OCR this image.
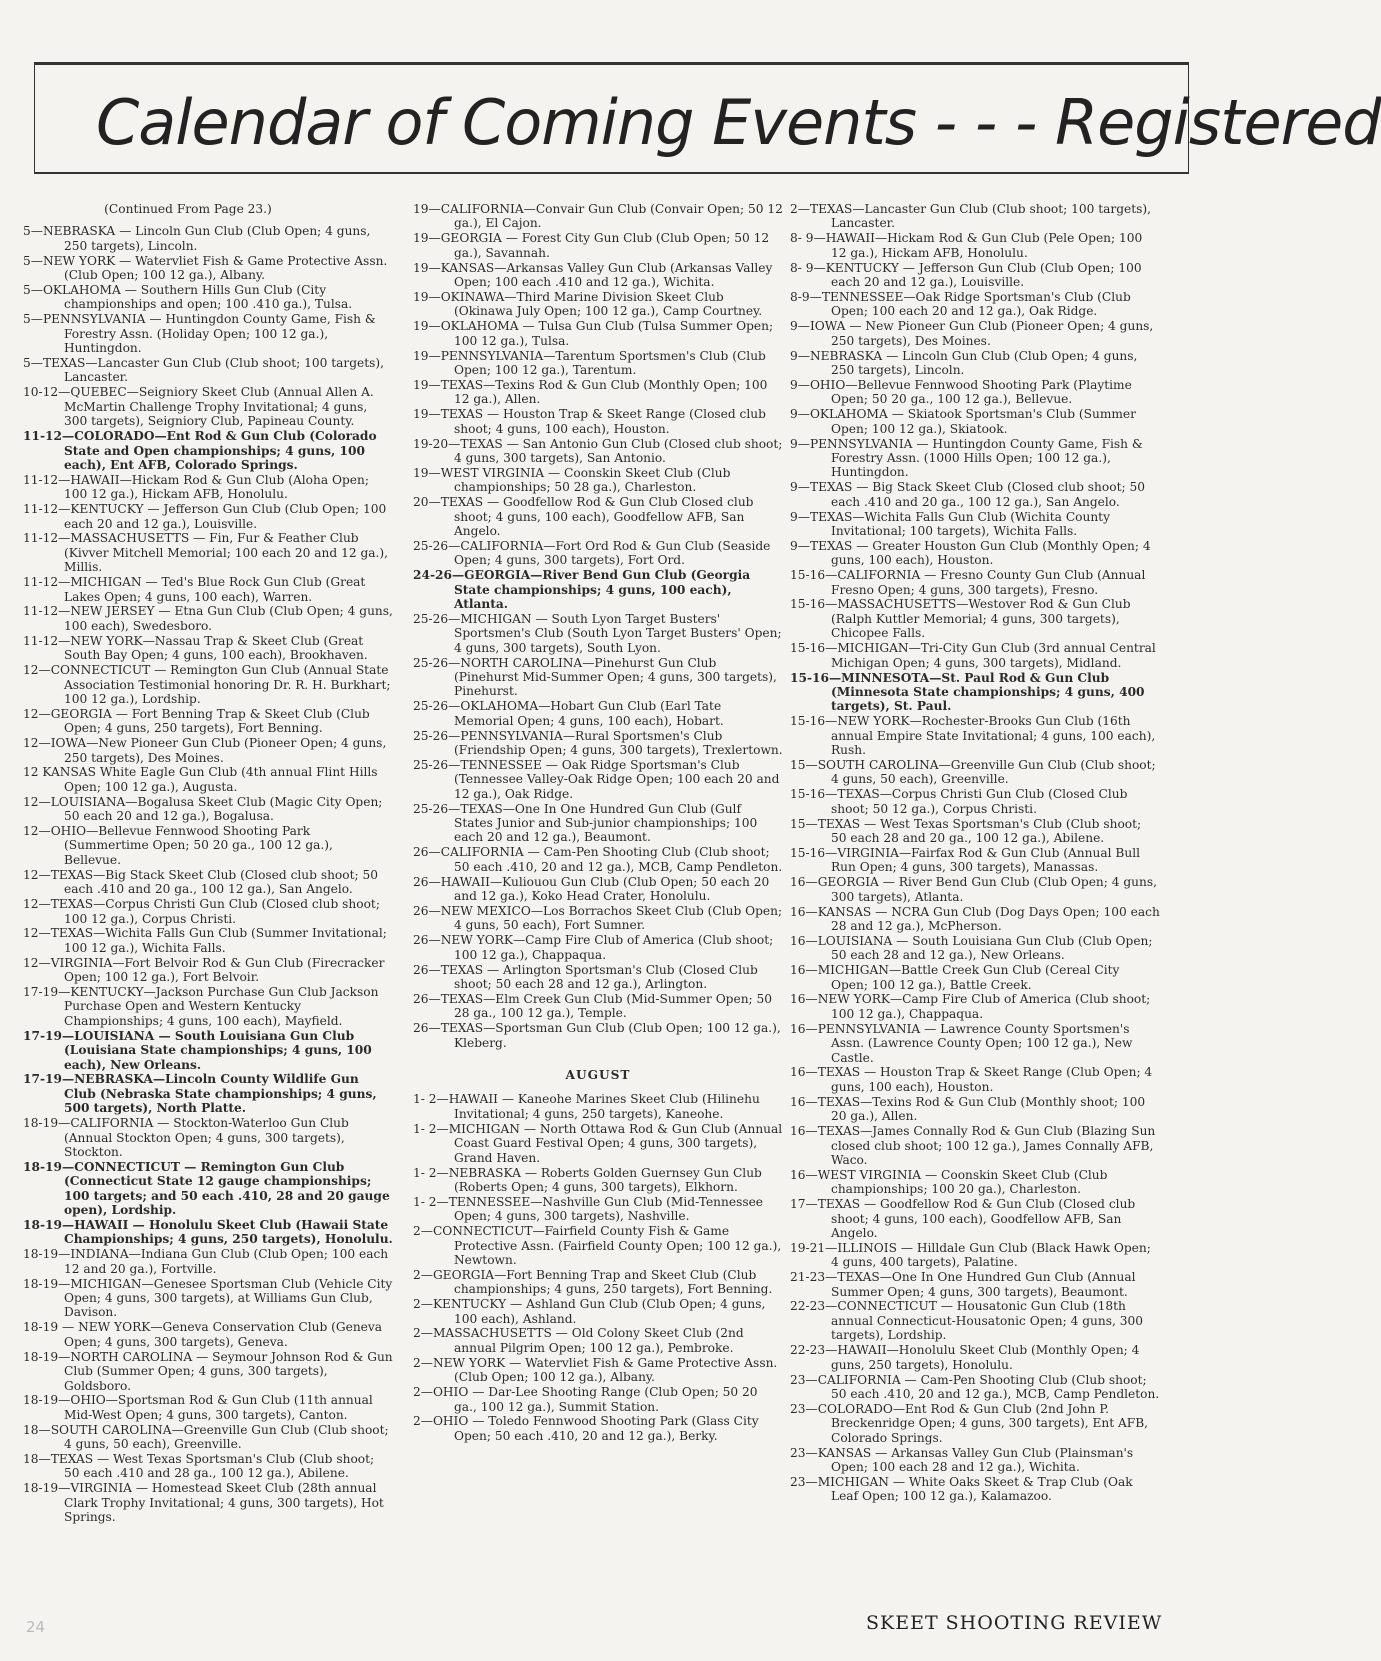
Calendar of Coming Events - - - Registered

(Continued From Page 23.)

5—NEBRASKA — Lincoln Gun Club (Club Open; 4 guns, 250 targets), Lincoln.

5—NEW YORK — Watervliet Fish & Game Protective Assn. (Club Open; 100 12 ga.), Albany.

5—OKLAHOMA — Southern Hills Gun Club (City championships and open; 100 .410 ga.), Tulsa.

5—PENNSYLVANIA — Huntingdon County Game, Fish & Forestry Assn. (Holiday Open; 100 12 ga.), Huntingdon.

5—TEXAS—Lancaster Gun Club (Club shoot; 100 targets), Lancaster.

10-12—QUEBEC—Seigniory Skeet Club (Annual Allen A. McMartin Challenge Trophy Invitational; 4 guns, 300 targets), Seigniory Club, Papineau County.

11-12—COLORADO—Ent Rod & Gun Club (Colorado State and Open championships; 4 guns, 100 each), Ent AFB, Colorado Springs.

11-12—HAWAII—Hickam Rod & Gun Club (Aloha Open; 100 12 ga.), Hickam AFB, Honolulu.

11-12—KENTUCKY — Jefferson Gun Club (Club Open; 100 each 20 and 12 ga.), Louisville.

11-12—MASSACHUSETTS — Fin, Fur & Feather Club (Kivver Mitchell Memorial; 100 each 20 and 12 ga.), Millis.

11-12—MICHIGAN — Ted's Blue Rock Gun Club (Great Lakes Open; 4 guns, 100 each), Warren.

11-12—NEW JERSEY — Etna Gun Club (Club Open; 4 guns, 100 each), Swedesboro.

11-12—NEW YORK—Nassau Trap & Skeet Club (Great South Bay Open; 4 guns, 100 each), Brookhaven.

12—CONNECTICUT — Remington Gun Club (Annual State Association Testimonial honoring Dr. R. H. Burkhart; 100 12 ga.), Lordship.

12—GEORGIA — Fort Benning Trap & Skeet Club (Club Open; 4 guns, 250 targets), Fort Benning.

12—IOWA—New Pioneer Gun Club (Pioneer Open; 4 guns, 250 targets), Des Moines.

12 KANSAS White Eagle Gun Club (4th annual Flint Hills Open; 100 12 ga.), Augusta.

12—LOUISIANA—Bogalusa Skeet Club (Magic City Open; 50 each 20 and 12 ga.), Bogalusa.

12—OHIO—Bellevue Fennwood Shooting Park (Summertime Open; 50 20 ga., 100 12 ga.), Bellevue.

12—TEXAS—Big Stack Skeet Club (Closed club shoot; 50 each .410 and 20 ga., 100 12 ga.), San Angelo.

12—TEXAS—Corpus Christi Gun Club (Closed club shoot; 100 12 ga.), Corpus Christi.

12—TEXAS—Wichita Falls Gun Club (Summer Invitational; 100 12 ga.), Wichita Falls.

12—VIRGINIA—Fort Belvoir Rod & Gun Club (Firecracker Open; 100 12 ga.), Fort Belvoir.

17-19—KENTUCKY—Jackson Purchase Gun Club Jackson Purchase Open and Western Kentucky Championships; 4 guns, 100 each), Mayfield.

17-19—LOUISIANA — South Louisiana Gun Club (Louisiana State championships; 4 guns, 100 each), New Orleans.

17-19—NEBRASKA—Lincoln County Wildlife Gun Club (Nebraska State championships; 4 guns, 500 targets), North Platte.

18-19—CALIFORNIA — Stockton-Waterloo Gun Club (Annual Stockton Open; 4 guns, 300 targets), Stockton.

18-19—CONNECTICUT — Remington Gun Club (Connecticut State 12 gauge championships; 100 targets; and 50 each .410, 28 and 20 gauge open), Lordship.

18-19—HAWAII — Honolulu Skeet Club (Hawaii State Championships; 4 guns, 250 targets), Honolulu.

18-19—INDIANA—Indiana Gun Club (Club Open; 100 each 12 and 20 ga.), Fortville.

18-19—MICHIGAN—Genesee Sportsman Club (Vehicle City Open; 4 guns, 300 targets), at Williams Gun Club, Davison.

18-19 — NEW YORK—Geneva Conservation Club (Geneva Open; 4 guns, 300 targets), Geneva.

18-19—NORTH CAROLINA — Seymour Johnson Rod & Gun Club (Summer Open; 4 guns, 300 targets), Goldsboro.

18-19—OHIO—Sportsman Rod & Gun Club (11th annual Mid-West Open; 4 guns, 300 targets), Canton.

18—SOUTH CAROLINA—Greenville Gun Club (Club shoot; 4 guns, 50 each), Greenville.

18—TEXAS — West Texas Sportsman's Club (Club shoot; 50 each .410 and 28 ga., 100 12 ga.), Abilene.

18-19—VIRGINIA — Homestead Skeet Club (28th annual Clark Trophy Invitational; 4 guns, 300 targets), Hot Springs.

19—CALIFORNIA—Convair Gun Club (Convair Open; 50 12 ga.), El Cajon.

19—GEORGIA — Forest City Gun Club (Club Open; 50 12 ga.), Savannah.

19—KANSAS—Arkansas Valley Gun Club (Arkansas Valley Open; 100 each .410 and 12 ga.), Wichita.

19—OKINAWA—Third Marine Division Skeet Club (Okinawa July Open; 100 12 ga.), Camp Courtney.

19—OKLAHOMA — Tulsa Gun Club (Tulsa Summer Open; 100 12 ga.), Tulsa.

19—PENNSYLVANIA—Tarentum Sportsmen's Club (Club Open; 100 12 ga.), Tarentum.

19—TEXAS—Texins Rod & Gun Club (Monthly Open; 100 12 ga.), Allen.

19—TEXAS — Houston Trap & Skeet Range (Closed club shoot; 4 guns, 100 each), Houston.

19-20—TEXAS — San Antonio Gun Club (Closed club shoot; 4 guns, 300 targets), San Antonio.

19—WEST VIRGINIA — Coonskin Skeet Club (Club championships; 50 28 ga.), Charleston.

20—TEXAS — Goodfellow Rod & Gun Club Closed club shoot; 4 guns, 100 each), Goodfellow AFB, San Angelo.

25-26—CALIFORNIA—Fort Ord Rod & Gun Club (Seaside Open; 4 guns, 300 targets), Fort Ord.

24-26—GEORGIA—River Bend Gun Club (Georgia State championships; 4 guns, 100 each), Atlanta.

25-26—MICHIGAN — South Lyon Target Busters' Sportsmen's Club (South Lyon Target Busters' Open; 4 guns, 300 targets), South Lyon.

25-26—NORTH CAROLINA—Pinehurst Gun Club (Pinehurst Mid-Summer Open; 4 guns, 300 targets), Pinehurst.

25-26—OKLAHOMA—Hobart Gun Club (Earl Tate Memorial Open; 4 guns, 100 each), Hobart.

25-26—PENNSYLVANIA—Rural Sportsmen's Club (Friendship Open; 4 guns, 300 targets), Trexlertown.

25-26—TENNESSEE — Oak Ridge Sportsman's Club (Tennessee Valley-Oak Ridge Open; 100 each 20 and 12 ga.), Oak Ridge.

25-26—TEXAS—One In One Hundred Gun Club (Gulf States Junior and Sub-junior championships; 100 each 20 and 12 ga.), Beaumont.

26—CALIFORNIA — Cam-Pen Shooting Club (Club shoot; 50 each .410, 20 and 12 ga.), MCB, Camp Pendleton.

26—HAWAII—Kuliouou Gun Club (Club Open; 50 each 20 and 12 ga.), Koko Head Crater, Honolulu.

26—NEW MEXICO—Los Borrachos Skeet Club (Club Open; 4 guns, 50 each), Fort Sumner.

26—NEW YORK—Camp Fire Club of America (Club shoot; 100 12 ga.), Chappaqua.

26—TEXAS — Arlington Sportsman's Club (Closed Club shoot; 50 each 28 and 12 ga.), Arlington.

26—TEXAS—Elm Creek Gun Club (Mid-Summer Open; 50 28 ga., 100 12 ga.), Temple.

26—TEXAS—Sportsman Gun Club (Club Open; 100 12 ga.), Kleberg.

AUGUST

1- 2—HAWAII — Kaneohe Marines Skeet Club (Hilinehu Invitational; 4 guns, 250 targets), Kaneohe.

1- 2—MICHIGAN — North Ottawa Rod & Gun Club (Annual Coast Guard Festival Open; 4 guns, 300 targets), Grand Haven.

1- 2—NEBRASKA — Roberts Golden Guernsey Gun Club (Roberts Open; 4 guns, 300 targets), Elkhorn.

1- 2—TENNESSEE—Nashville Gun Club (Mid-Tennessee Open; 4 guns, 300 targets), Nashville.

2—CONNECTICUT—Fairfield County Fish & Game Protective Assn. (Fairfield County Open; 100 12 ga.), Newtown.

2—GEORGIA—Fort Benning Trap and Skeet Club (Club championships; 4 guns, 250 targets), Fort Benning.

2—KENTUCKY — Ashland Gun Club (Club Open; 4 guns, 100 each), Ashland.

2—MASSACHUSETTS — Old Colony Skeet Club (2nd annual Pilgrim Open; 100 12 ga.), Pembroke.

2—NEW YORK — Watervliet Fish & Game Protective Assn. (Club Open; 100 12 ga.), Albany.

2—OHIO — Dar-Lee Shooting Range (Club Open; 50 20 ga., 100 12 ga.), Summit Station.

2—OHIO — Toledo Fennwood Shooting Park (Glass City Open; 50 each .410, 20 and 12 ga.), Berky.

2—TEXAS—Lancaster Gun Club (Club shoot; 100 targets), Lancaster.

8- 9—HAWAII—Hickam Rod & Gun Club (Pele Open; 100 12 ga.), Hickam AFB, Honolulu.

8- 9—KENTUCKY — Jefferson Gun Club (Club Open; 100 each 20 and 12 ga.), Louisville.

8-9—TENNESSEE—Oak Ridge Sportsman's Club (Club Open; 100 each 20 and 12 ga.), Oak Ridge.

9—IOWA — New Pioneer Gun Club (Pioneer Open; 4 guns, 250 targets), Des Moines.

9—NEBRASKA — Lincoln Gun Club (Club Open; 4 guns, 250 targets), Lincoln.

9—OHIO—Bellevue Fennwood Shooting Park (Playtime Open; 50 20 ga., 100 12 ga.), Bellevue.

9—OKLAHOMA — Skiatook Sportsman's Club (Summer Open; 100 12 ga.), Skiatook.

9—PENNSYLVANIA — Huntingdon County Game, Fish & Forestry Assn. (1000 Hills Open; 100 12 ga.), Huntingdon.

9—TEXAS — Big Stack Skeet Club (Closed club shoot; 50 each .410 and 20 ga., 100 12 ga.), San Angelo.

9—TEXAS—Wichita Falls Gun Club (Wichita County Invitational; 100 targets), Wichita Falls.

9—TEXAS — Greater Houston Gun Club (Monthly Open; 4 guns, 100 each), Houston.

15-16—CALIFORNIA — Fresno County Gun Club (Annual Fresno Open; 4 guns, 300 targets), Fresno.

15-16—MASSACHUSETTS—Westover Rod & Gun Club (Ralph Kuttler Memorial; 4 guns, 300 targets), Chicopee Falls.

15-16—MICHIGAN—Tri-City Gun Club (3rd annual Central Michigan Open; 4 guns, 300 targets), Midland.

15-16—MINNESOTA—St. Paul Rod & Gun Club (Minnesota State championships; 4 guns, 400 targets), St. Paul.

15-16—NEW YORK—Rochester-Brooks Gun Club (16th annual Empire State Invitational; 4 guns, 100 each), Rush.

15—SOUTH CAROLINA—Greenville Gun Club (Club shoot; 4 guns, 50 each), Greenville.

15-16—TEXAS—Corpus Christi Gun Club (Closed Club shoot; 50 12 ga.), Corpus Christi.

15—TEXAS — West Texas Sportsman's Club (Club shoot; 50 each 28 and 20 ga., 100 12 ga.), Abilene.

15-16—VIRGINIA—Fairfax Rod & Gun Club (Annual Bull Run Open; 4 guns, 300 targets), Manassas.

16—GEORGIA — River Bend Gun Club (Club Open; 4 guns, 300 targets), Atlanta.

16—KANSAS — NCRA Gun Club (Dog Days Open; 100 each 28 and 12 ga.), McPherson.

16—LOUISIANA — South Louisiana Gun Club (Club Open; 50 each 28 and 12 ga.), New Orleans.

16—MICHIGAN—Battle Creek Gun Club (Cereal City Open; 100 12 ga.), Battle Creek.

16—NEW YORK—Camp Fire Club of America (Club shoot; 100 12 ga.), Chappaqua.

16—PENNSYLVANIA — Lawrence County Sportsmen's Assn. (Lawrence County Open; 100 12 ga.), New Castle.

16—TEXAS — Houston Trap & Skeet Range (Club Open; 4 guns, 100 each), Houston.

16—TEXAS—Texins Rod & Gun Club (Monthly shoot; 100 20 ga.), Allen.

16—TEXAS—James Connally Rod & Gun Club (Blazing Sun closed club shoot; 100 12 ga.), James Connally AFB, Waco.

16—WEST VIRGINIA — Coonskin Skeet Club (Club championships; 100 20 ga.), Charleston.

17—TEXAS — Goodfellow Rod & Gun Club (Closed club shoot; 4 guns, 100 each), Goodfellow AFB, San Angelo.

19-21—ILLINOIS — Hilldale Gun Club (Black Hawk Open; 4 guns, 400 targets), Palatine.

21-23—TEXAS—One In One Hundred Gun Club (Annual Summer Open; 4 guns, 300 targets), Beaumont.

22-23—CONNECTICUT — Housatonic Gun Club (18th annual Connecticut-Housatonic Open; 4 guns, 300 targets), Lordship.

22-23—HAWAII—Honolulu Skeet Club (Monthly Open; 4 guns, 250 targets), Honolulu.

23—CALIFORNIA — Cam-Pen Shooting Club (Club shoot; 50 each .410, 20 and 12 ga.), MCB, Camp Pendleton.

23—COLORADO—Ent Rod & Gun Club (2nd John P. Breckenridge Open; 4 guns, 300 targets), Ent AFB, Colorado Springs.

23—KANSAS — Arkansas Valley Gun Club (Plainsman's Open; 100 each 28 and 12 ga.), Wichita.

23—MICHIGAN — White Oaks Skeet & Trap Club (Oak Leaf Open; 100 12 ga.), Kalamazoo.

24	SKEET SHOOTING REVIEW
